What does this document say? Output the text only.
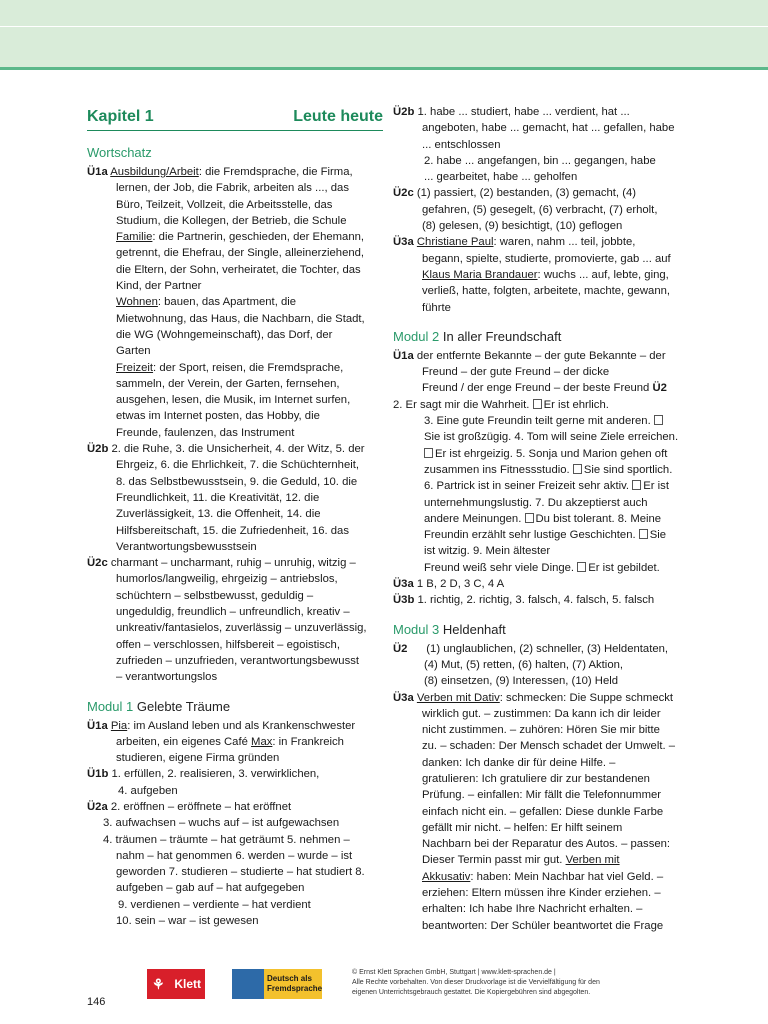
Kapitel 1	Leute heute
Wortschatz

Ü1a Ausbildung/Arbeit: die Fremdsprache, die Firma,

lernen, der Job, die Fabrik, arbeiten als ..., das

Büro, Teilzeit, Vollzeit, die Arbeitsstelle, das

Studium, die Kollegen, der Betrieb, die Schule

Familie: die Partnerin, geschieden, der Ehemann,

getrennt, die Ehefrau, der Single, alleinerziehend,

die Eltern, der Sohn, verheiratet, die Tochter, das

Kind, der Partner

Wohnen: bauen, das Apartment, die

Mietwohnung, das Haus, die Nachbarn, die Stadt,

die WG (Wohngemeinschaft), das Dorf, der

Garten

Freizeit: der Sport, reisen, die Fremdsprache,

sammeln, der Verein, der Garten, fernsehen,

ausgehen, lesen, die Musik, im Internet surfen,

etwas im Internet posten, das Hobby, die

Freunde, faulenzen, das Instrument

Ü2b 2. die Ruhe, 3. die Unsicherheit, 4. der Witz, 5. der

Ehrgeiz, 6. die Ehrlichkeit, 7. die Schüchternheit,

8. das Selbstbewusstsein, 9. die Geduld, 10. die

Freundlichkeit, 11. die Kreativität, 12. die

Zuverlässigkeit, 13. die Offenheit, 14. die

Hilfsbereitschaft, 15. die Zufriedenheit, 16. das

Verantwortungsbewusstsein

Ü2c charmant – uncharmant, ruhig – unruhig, witzig –

humorlos/langweilig, ehrgeizig – antriebslos,

schüchtern – selbstbewusst, geduldig –

ungeduldig, freundlich – unfreundlich, kreativ –

unkreativ/fantasielos, zuverlässig – unzuverlässig,

offen – verschlossen, hilfsbereit – egoistisch,

zufrieden – unzufrieden, verantwortungsbewusst

– verantwortungslos

Modul 1 Gelebte Träume

Ü1a Pia: im Ausland leben und als Krankenschwester

arbeiten, ein eigenes Café Max: in Frankreich

studieren, eigene Firma gründen

Ü1b 1. erfüllen, 2. realisieren, 3. verwirklichen,

4. aufgeben

Ü2a 2. eröffnen – eröffnete – hat eröffnet

3. aufwachsen – wuchs auf – ist aufgewachsen

4. träumen – träumte – hat geträumt 5. nehmen –

nahm – hat genommen 6. werden – wurde – ist

geworden 7. studieren – studierte – hat studiert 8.

aufgeben – gab auf – hat aufgegeben

9. verdienen – verdiente – hat verdient

10. sein – war – ist gewesen

Ü2b 1. habe ... studiert, habe ... verdient, hat ...

angeboten, habe ... gemacht, hat ... gefallen, habe

... entschlossen

2. habe ... angefangen, bin ... gegangen, habe

... gearbeitet, habe ... geholfen

Ü2c (1) passiert, (2) bestanden, (3) gemacht, (4)

gefahren, (5) gesegelt, (6) verbracht, (7) erholt,

(8) gelesen, (9) besichtigt, (10) geflogen

Ü3a Christiane Paul: waren, nahm ... teil, jobbte,

begann, spielte, studierte, promovierte, gab ... auf

Klaus Maria Brandauer: wuchs ... auf, lebte, ging,

verließ, hatte, folgten, arbeitete, machte, gewann,

führte

Modul 2 In aller Freundschaft

Ü1a der entfernte Bekannte – der gute Bekannte – der

Freund – der gute Freund – der dicke

Freund / der enge Freund – der beste Freund Ü2

2. Er sagt mir die Wahrheit. Er ist ehrlich.

3. Eine gute Freundin teilt gerne mit anderen.

Sie ist großzügig. 4. Tom will seine Ziele erreichen.

Er ist ehrgeizig. 5. Sonja und Marion gehen oft

zusammen ins Fitnessstudio. Sie sind sportlich.

6. Partrick ist in seiner Freizeit sehr aktiv. Er ist

unternehmungslustig. 7. Du akzeptierst auch

andere Meinungen. Du bist tolerant. 8. Meine

Freundin erzählt sehr lustige Geschichten. Sie

ist witzig. 9. Mein ältester

Freund weiß sehr viele Dinge. Er ist gebildet.

Ü3a 1 B, 2 D, 3 C, 4 A

Ü3b 1. richtig, 2. richtig, 3. falsch, 4. falsch, 5. falsch

Modul 3 Heldenhaft

Ü2      (1) unglaublichen, (2) schneller, (3) Heldentaten,

(4) Mut, (5) retten, (6) halten, (7) Aktion,

(8) einsetzen, (9) Interessen, (10) Held

Ü3a Verben mit Dativ: schmecken: Die Suppe schmeckt

wirklich gut. – zustimmen: Da kann ich dir leider

nicht zustimmen. – zuhören: Hören Sie mir bitte

zu. – schaden: Der Mensch schadet der Umwelt. –

danken: Ich danke dir für deine Hilfe. –

gratulieren: Ich gratuliere dir zur bestandenen

Prüfung. – einfallen: Mir fällt die Telefonnummer

einfach nicht ein. – gefallen: Diese dunkle Farbe

gefällt mir nicht. – helfen: Er hilft seinem

Nachbarn bei der Reparatur des Autos. – passen:

Dieser Termin passt mir gut. Verben mit

Akkusativ: haben: Mein Nachbar hat viel Geld. –

erziehen: Eltern müssen ihre Kinder erziehen. –

erhalten: Ich habe Ihre Nachricht erhalten. –

beantworten: Der Schüler beantwortet die Frage

146
⚘ Klett	Deutsch als Fremdsprache
© Ernst Klett Sprachen GmbH, Stuttgart | www.klett-sprachen.de |
Alle Rechte vorbehalten. Von dieser Druckvorlage ist die Vervielfältigung für den
eigenen Unterrichtsgebrauch gestattet. Die Kopiergebühren sind abgegolten.
